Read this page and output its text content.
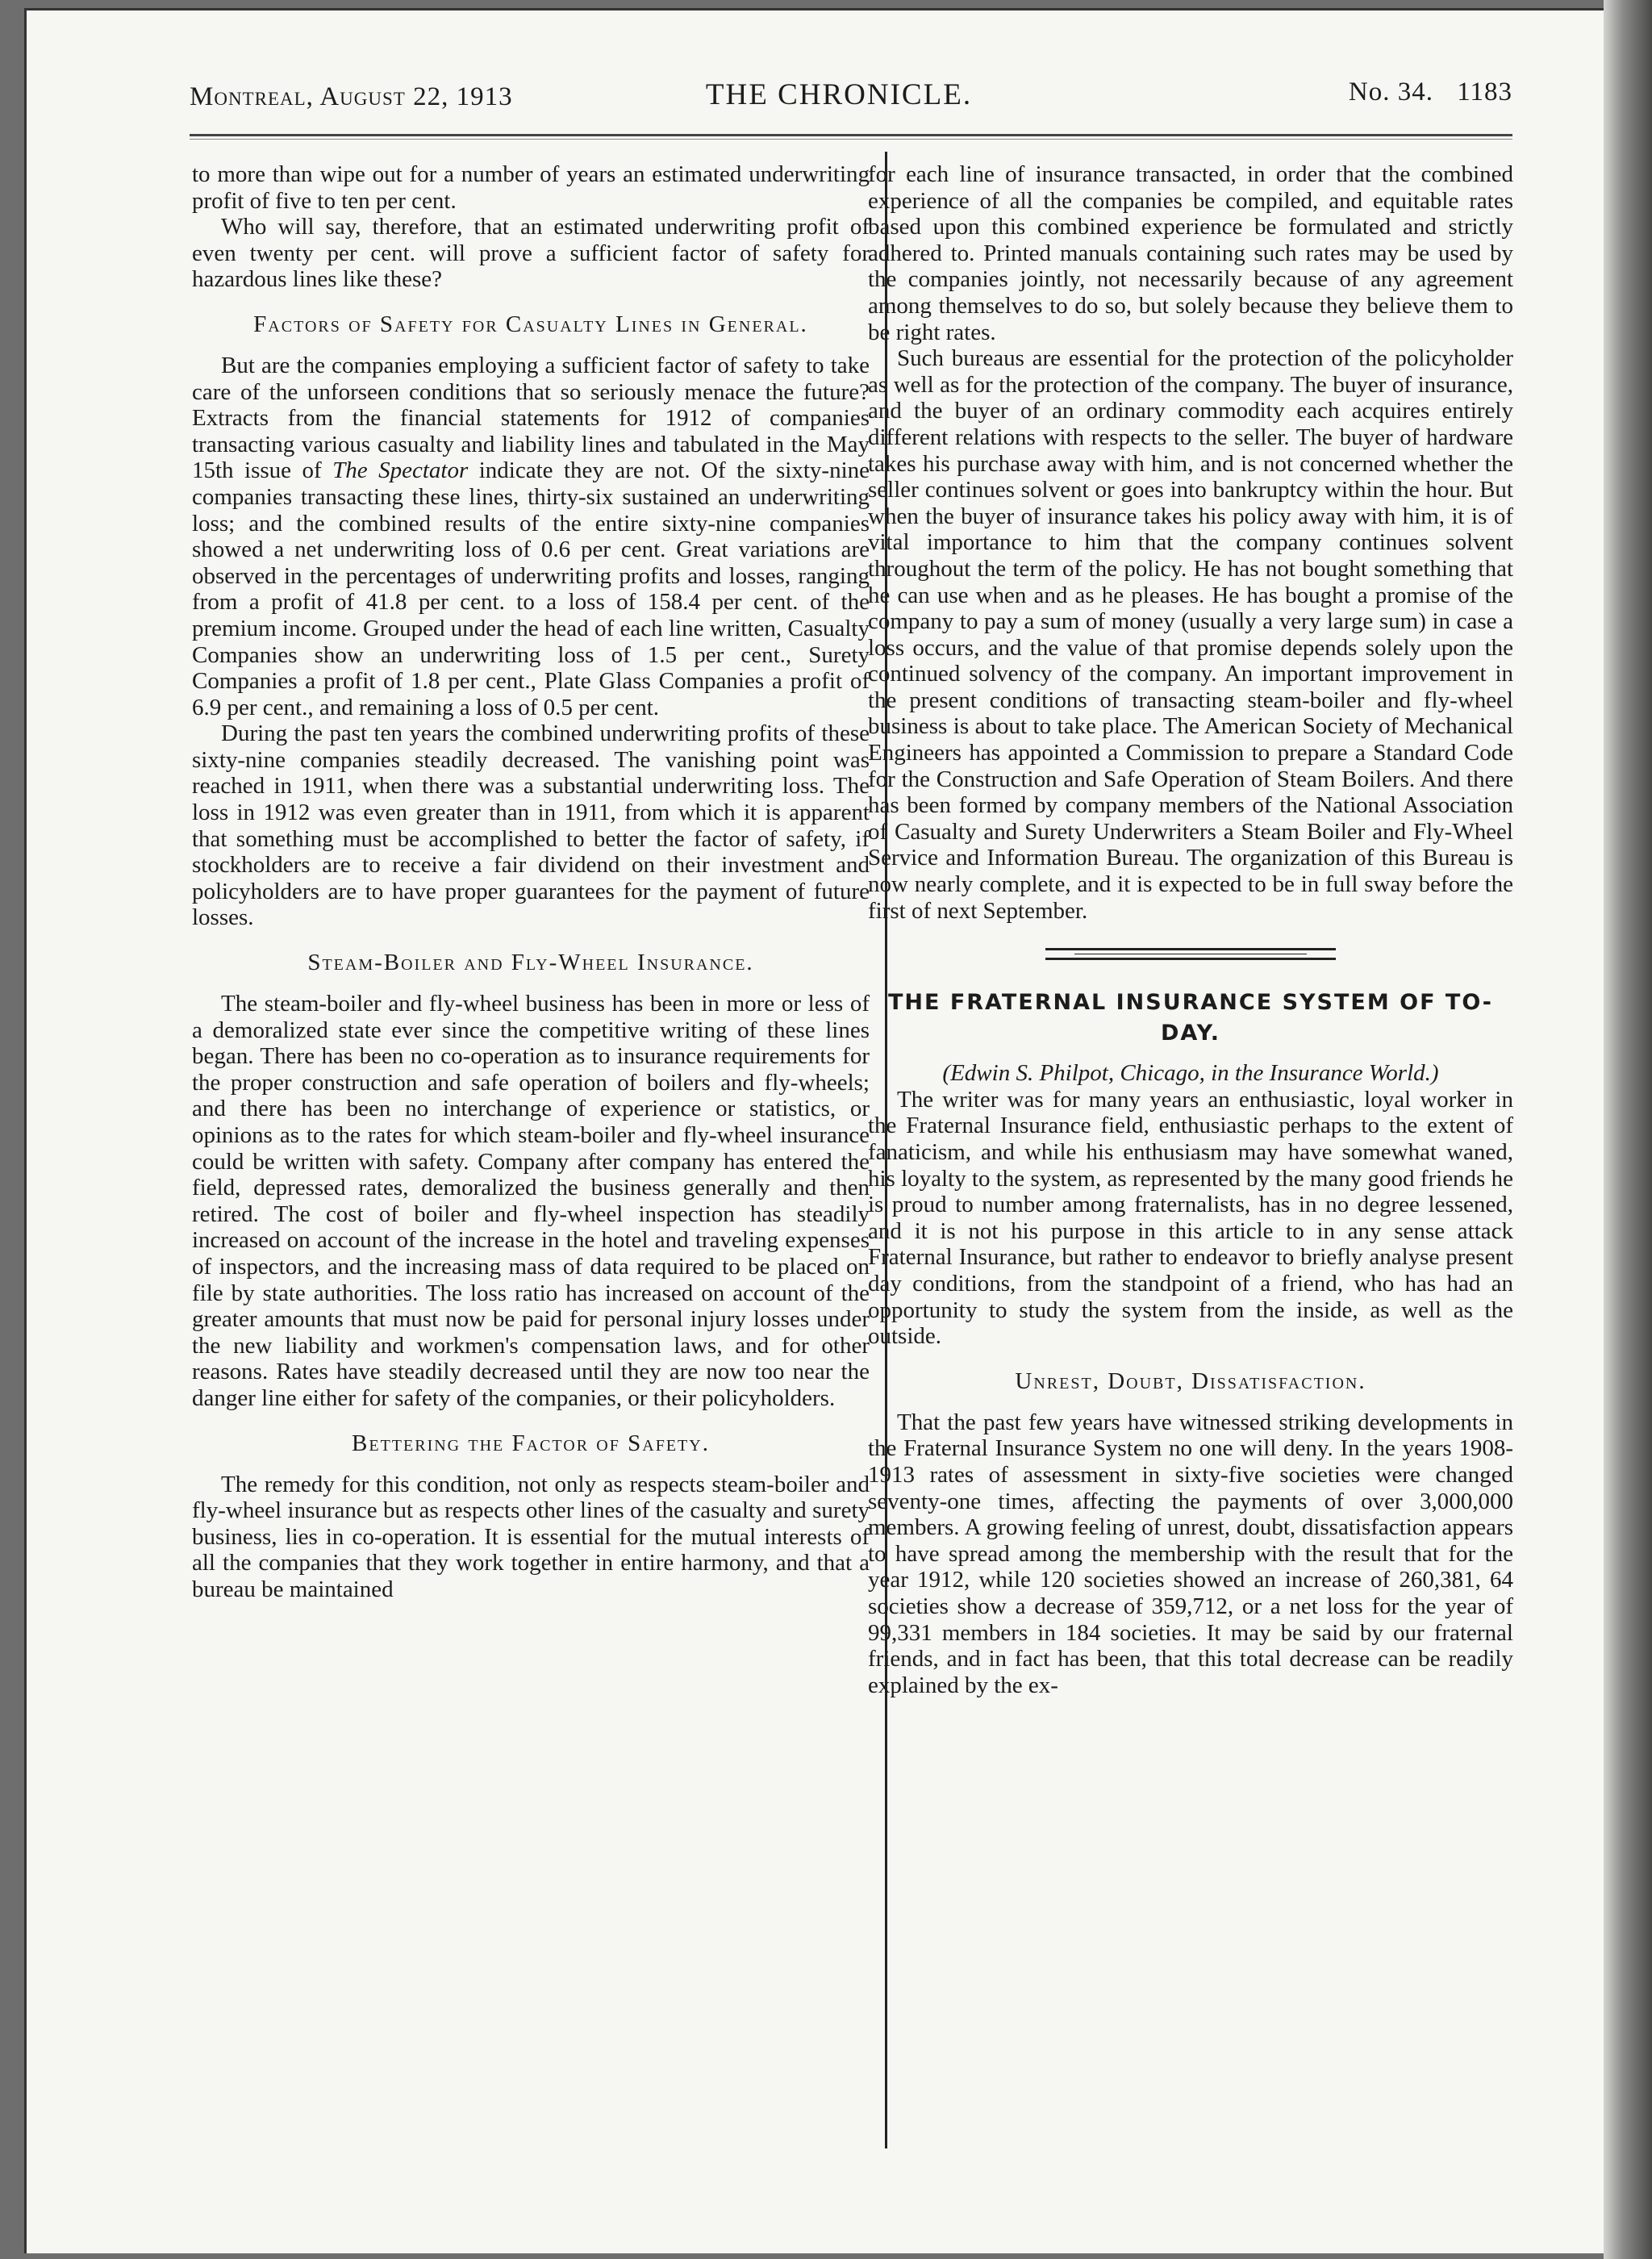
Montreal, August 22, 1913	THE CHRONICLE.	No. 34. 1183

to more than wipe out for a number of years an estimated underwriting profit of five to ten per cent.

Who will say, therefore, that an estimated underwriting profit of even twenty per cent. will prove a sufficient factor of safety for hazardous lines like these?

Factors of Safety for Casualty Lines in General.

But are the companies employing a sufficient factor of safety to take care of the unforseen conditions that so seriously menace the future? Extracts from the financial statements for 1912 of companies transacting various casualty and liability lines and tabulated in the May 15th issue of The Spectator indicate they are not. Of the sixty-nine companies transacting these lines, thirty-six sustained an underwriting loss; and the combined results of the entire sixty-nine companies showed a net underwriting loss of 0.6 per cent. Great variations are observed in the percentages of underwriting profits and losses, ranging from a profit of 41.8 per cent. to a loss of 158.4 per cent. of the premium income. Grouped under the head of each line written, Casualty Companies show an underwriting loss of 1.5 per cent., Surety Companies a profit of 1.8 per cent., Plate Glass Companies a profit of 6.9 per cent., and remaining a loss of 0.5 per cent.

During the past ten years the combined underwriting profits of these sixty-nine companies steadily decreased. The vanishing point was reached in 1911, when there was a substantial underwriting loss. The loss in 1912 was even greater than in 1911, from which it is apparent that something must be accomplished to better the factor of safety, if stockholders are to receive a fair dividend on their investment and policyholders are to have proper guarantees for the payment of future losses.

Steam-Boiler and Fly-Wheel Insurance.

The steam-boiler and fly-wheel business has been in more or less of a demoralized state ever since the competitive writing of these lines began. There has been no co-operation as to insurance requirements for the proper construction and safe operation of boilers and fly-wheels; and there has been no interchange of experience or statistics, or opinions as to the rates for which steam-boiler and fly-wheel insurance could be written with safety. Company after company has entered the field, depressed rates, demoralized the business generally and then retired. The cost of boiler and fly-wheel inspection has steadily increased on account of the increase in the hotel and traveling expenses of inspectors, and the increasing mass of data required to be placed on file by state authorities. The loss ratio has increased on account of the greater amounts that must now be paid for personal injury losses under the new liability and workmen's compensation laws, and for other reasons. Rates have steadily decreased until they are now too near the danger line either for safety of the companies, or their policyholders.

Bettering the Factor of Safety.

The remedy for this condition, not only as respects steam-boiler and fly-wheel insurance but as respects other lines of the casualty and surety business, lies in co-operation. It is essential for the mutual interests of all the companies that they work together in entire harmony, and that a bureau be maintained

for each line of insurance transacted, in order that the combined experience of all the companies be compiled, and equitable rates based upon this combined experience be formulated and strictly adhered to. Printed manuals containing such rates may be used by the companies jointly, not necessarily because of any agreement among themselves to do so, but solely because they believe them to be right rates.

Such bureaus are essential for the protection of the policyholder as well as for the protection of the company. The buyer of insurance, and the buyer of an ordinary commodity each acquires entirely different relations with respects to the seller. The buyer of hardware takes his purchase away with him, and is not concerned whether the seller continues solvent or goes into bankruptcy within the hour. But when the buyer of insurance takes his policy away with him, it is of vital importance to him that the company continues solvent throughout the term of the policy. He has not bought something that he can use when and as he pleases. He has bought a promise of the company to pay a sum of money (usually a very large sum) in case a loss occurs, and the value of that promise depends solely upon the continued solvency of the company. An important improvement in the present conditions of transacting steam-boiler and fly-wheel business is about to take place. The American Society of Mechanical Engineers has appointed a Commission to prepare a Standard Code for the Construction and Safe Operation of Steam Boilers. And there has been formed by company members of the National Association of Casualty and Surety Underwriters a Steam Boiler and Fly-Wheel Service and Information Bureau. The organization of this Bureau is now nearly complete, and it is expected to be in full sway before the first of next September.

THE FRATERNAL INSURANCE SYSTEM OF TO-DAY.

(Edwin S. Philpot, Chicago, in the Insurance World.)

The writer was for many years an enthusiastic, loyal worker in the Fraternal Insurance field, enthusiastic perhaps to the extent of fanaticism, and while his enthusiasm may have somewhat waned, his loyalty to the system, as represented by the many good friends he is proud to number among fraternalists, has in no degree lessened, and it is not his purpose in this article to in any sense attack Fraternal Insurance, but rather to endeavor to briefly analyse present day conditions, from the standpoint of a friend, who has had an opportunity to study the system from the inside, as well as the outside.

Unrest, Doubt, Dissatisfaction.

That the past few years have witnessed striking developments in the Fraternal Insurance System no one will deny. In the years 1908-1913 rates of assessment in sixty-five societies were changed seventy-one times, affecting the payments of over 3,000,000 members. A growing feeling of unrest, doubt, dissatisfaction appears to have spread among the membership with the result that for the year 1912, while 120 societies showed an increase of 260,381, 64 societies show a decrease of 359,712, or a net loss for the year of 99,331 members in 184 societies. It may be said by our fraternal friends, and in fact has been, that this total decrease can be readily explained by the ex-
